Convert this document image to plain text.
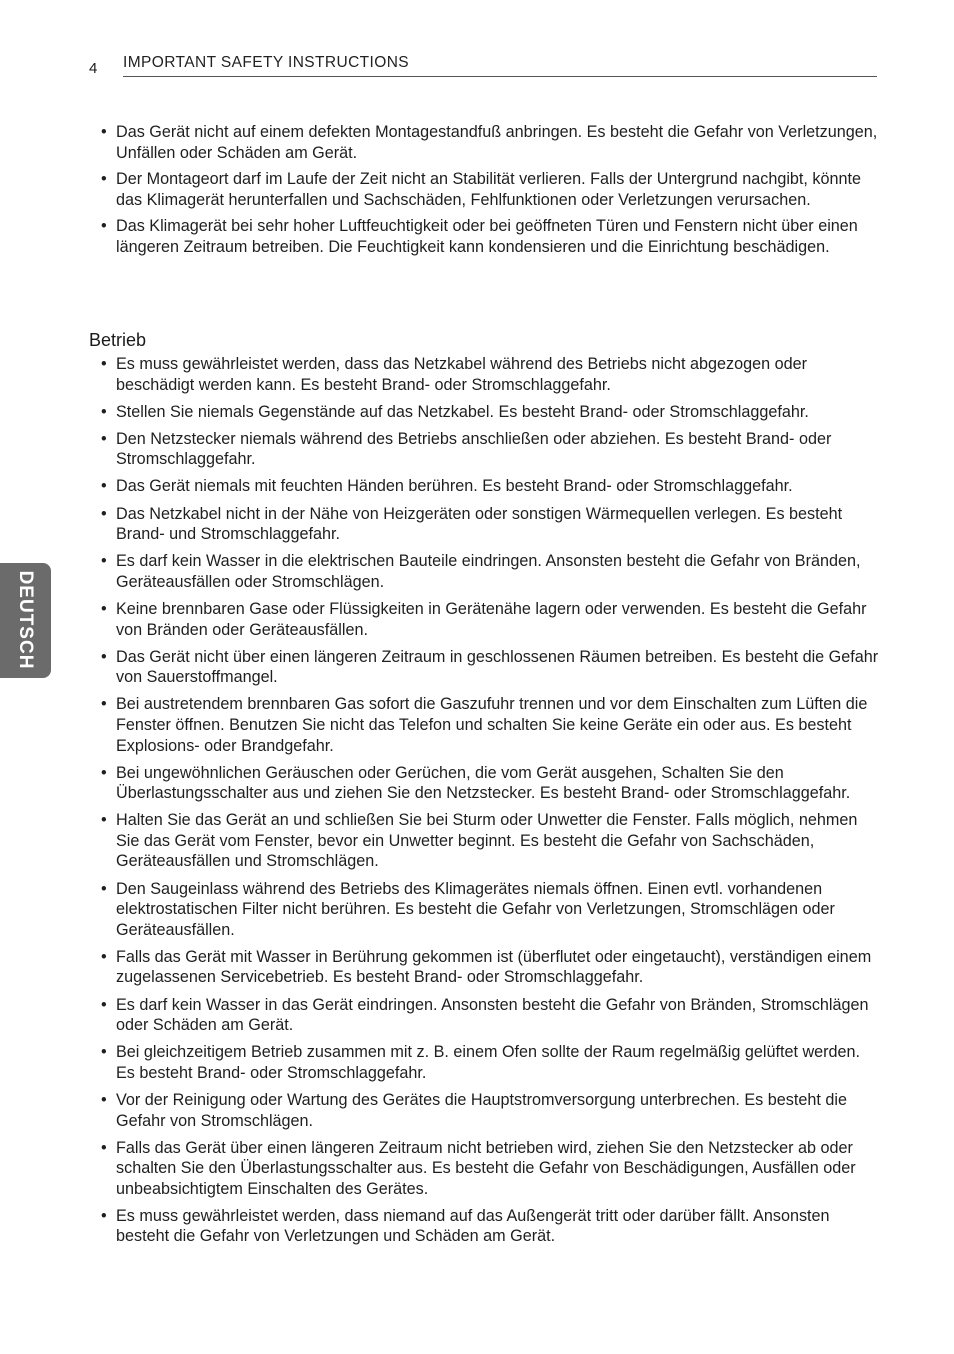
4 IMPORTANT SAFETY INSTRUCTIONS
DEUTSCH
• Das Gerät nicht auf einem defekten Montagestandfuß anbringen. Es besteht die Gefahr von Verletzungen, Unfällen oder Schäden am Gerät.
• Der Montageort darf im Laufe der Zeit nicht an Stabilität verlieren. Falls der Untergrund nachgibt, könnte das Klimagerät herunterfallen und Sachschäden, Fehlfunktionen oder Verletzungen verursachen.
• Das Klimagerät bei sehr hoher Luftfeuchtigkeit oder bei geöffneten Türen und Fenstern nicht über einen längeren Zeitraum betreiben. Die Feuchtigkeit kann kondensieren und die Einrichtung beschädigen.
Betrieb
• Es muss gewährleistet werden, dass das Netzkabel während des Betriebs nicht abgezogen oder beschädigt werden kann. Es besteht Brand- oder Stromschlaggefahr.
• Stellen Sie niemals Gegenstände auf das Netzkabel. Es besteht Brand- oder Stromschlaggefahr.
• Den Netzstecker niemals während des Betriebs anschließen oder abziehen. Es besteht Brand- oder Stromschlaggefahr.
• Das Gerät niemals mit feuchten Händen berühren. Es besteht Brand- oder Stromschlaggefahr.
• Das Netzkabel nicht in der Nähe von Heizgeräten oder sonstigen Wärmequellen verlegen. Es besteht Brand- und Stromschlaggefahr.
• Es darf kein Wasser in die elektrischen Bauteile eindringen. Ansonsten besteht die Gefahr von Bränden, Geräteausfällen oder Stromschlägen.
• Keine brennbaren Gase oder Flüssigkeiten in Gerätenähe lagern oder verwenden. Es besteht die Gefahr von Bränden oder Geräteausfällen.
• Das Gerät nicht über einen längeren Zeitraum in geschlossenen Räumen betreiben. Es besteht die Gefahr von Sauerstoffmangel.
• Bei austretendem brennbaren Gas sofort die Gaszufuhr trennen und vor dem Einschalten zum Lüften die Fenster öffnen. Benutzen Sie nicht das Telefon und schalten Sie keine Geräte ein oder aus. Es besteht Explosions- oder Brandgefahr.
• Bei ungewöhnlichen Geräuschen oder Gerüchen, die vom Gerät ausgehen, Schalten Sie den Überlastungsschalter aus und ziehen Sie den Netzstecker. Es besteht Brand- oder Stromschlaggefahr.
• Halten Sie das Gerät an und schließen Sie bei Sturm oder Unwetter die Fenster. Falls möglich, nehmen Sie das Gerät vom Fenster, bevor ein Unwetter beginnt. Es besteht die Gefahr von Sachschäden, Geräteausfällen und Stromschlägen.
• Den Saugeinlass während des Betriebs des Klimagerätes niemals öffnen. Einen evtl. vorhandenen elektrostatischen Filter nicht berühren. Es besteht die Gefahr von Verletzungen, Stromschlägen oder Geräteausfällen.
• Falls das Gerät mit Wasser in Berührung gekommen ist (überflutet oder eingetaucht), verständigen einem zugelassenen Servicebetrieb. Es besteht Brand- oder Stromschlaggefahr.
• Es darf kein Wasser in das Gerät eindringen. Ansonsten besteht die Gefahr von Bränden, Stromschlägen oder Schäden am Gerät.
• Bei gleichzeitigem Betrieb zusammen mit z. B. einem Ofen sollte der Raum regelmäßig gelüftet werden. Es besteht Brand- oder Stromschlaggefahr.
• Vor der Reinigung oder Wartung des Gerätes die Hauptstromversorgung unterbrechen. Es besteht die Gefahr von Stromschlägen.
• Falls das Gerät über einen längeren Zeitraum nicht betrieben wird, ziehen Sie den Netzstecker ab oder schalten Sie den Überlastungsschalter aus. Es besteht die Gefahr von Beschädigungen, Ausfällen oder unbeabsichtigtem Einschalten des Gerätes.
• Es muss gewährleistet werden, dass niemand auf das Außengerät tritt oder darüber fällt. Ansonsten besteht die Gefahr von Verletzungen und Schäden am Gerät.
